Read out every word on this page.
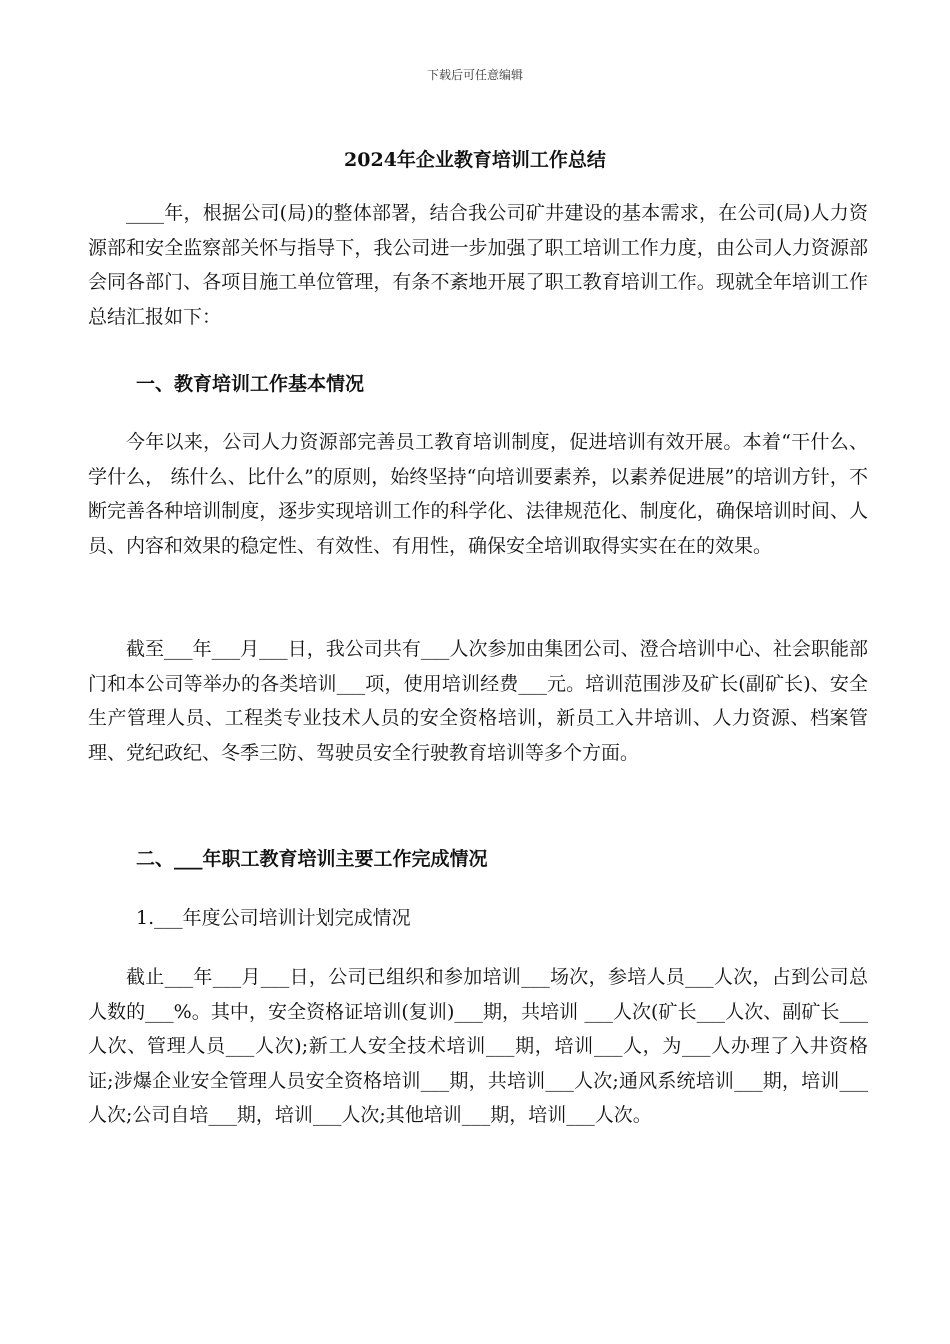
下载后可任意编辑
2024年企业教育培训工作总结

____年，根据公司(局)的整体部署，结合我公司矿井建设的基本需求，在公司(局)人力资源部和安全监察部关怀与指导下，我公司进一步加强了职工培训工作力度，由公司人力资源部会同各部门、各项目施工单位管理，有条不紊地开展了职工教育培训工作。现就全年培训工作总结汇报如下：

一、教育培训工作基本情况

今年以来，公司人力资源部完善员工教育培训制度，促进培训有效开展。本着“干什么、学什么， 练什么、比什么”的原则，始终坚持“向培训要素养，以素养促进展”的培训方针，不断完善各种培训制度，逐步实现培训工作的科学化、法律规范化、制度化，确保培训时间、人员、内容和效果的稳定性、有效性、有用性，确保安全培训取得实实在在的效果。

截至___年___月___日，我公司共有___人次参加由集团公司、澄合培训中心、社会职能部门和本公司等举办的各类培训___项，使用培训经费___元。培训范围涉及矿长(副矿长)、安全生产管理人员、工程类专业技术人员的安全资格培训，新员工入井培训、人力资源、档案管理、党纪政纪、冬季三防、驾驶员安全行驶教育培训等多个方面。

二、___年职工教育培训主要工作完成情况

1.___年度公司培训计划完成情况

截止___年___月___日，公司已组织和参加培训___场次，参培人员___人次，占到公司总人数的___%。其中，安全资格证培训(复训)___期，共培训 ___人次(矿长___人次、副矿长___人次、管理人员___人次);新工人安全技术培训___期，培训___人，为___人办理了入井资格证;涉爆企业安全管理人员安全资格培训___期，共培训___人次;通风系统培训___期，培训___人次;公司自培___期，培训___人次;其他培训___期，培训___人次。
